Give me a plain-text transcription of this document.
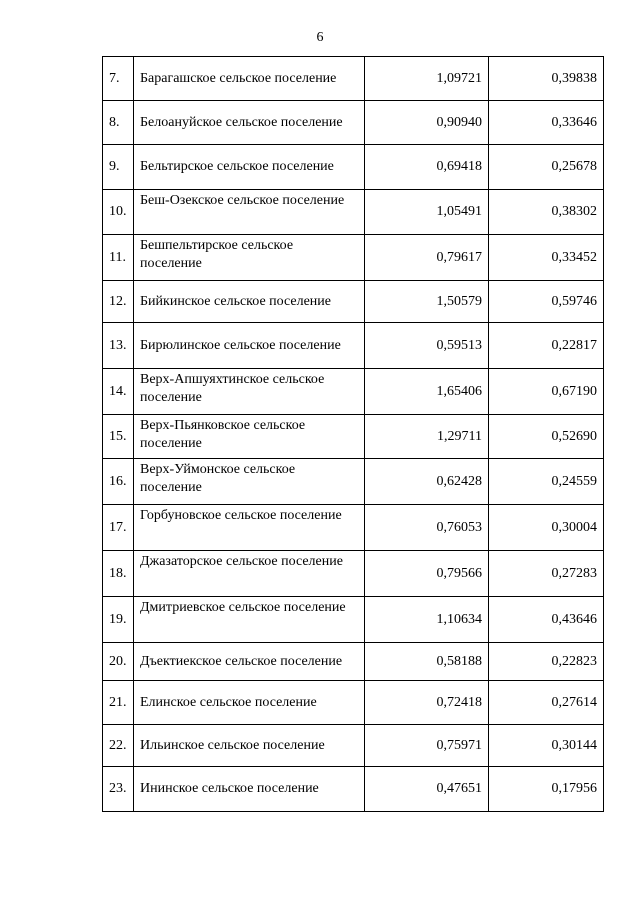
6
7.	Барагашское сельское поселение	1,09721	0,39838
8.	Белоануйское сельское поселение	0,90940	0,33646
9.	Бельтирское сельское поселение	0,69418	0,25678
10.	Беш-Озекское сельское поселение	1,05491	0,38302
11.	Бешпельтирское сельское поселение	0,79617	0,33452
12.	Бийкинское сельское поселение	1,50579	0,59746
13.	Бирюлинское сельское поселение	0,59513	0,22817
14.	Верх-Апшуяхтинское сельское поселение	1,65406	0,67190
15.	Верх-Пьянковское сельское поселение	1,29711	0,52690
16.	Верх-Уймонское сельское поселение	0,62428	0,24559
17.	Горбуновское сельское поселение	0,76053	0,30004
18.	Джазаторское сельское поселение	0,79566	0,27283
19.	Дмитриевское сельское поселение	1,10634	0,43646
20.	Дъектиекское сельское поселение	0,58188	0,22823
21.	Елинское сельское поселение	0,72418	0,27614
22.	Ильинское сельское поселение	0,75971	0,30144
23.	Ининское сельское поселение	0,47651	0,17956
